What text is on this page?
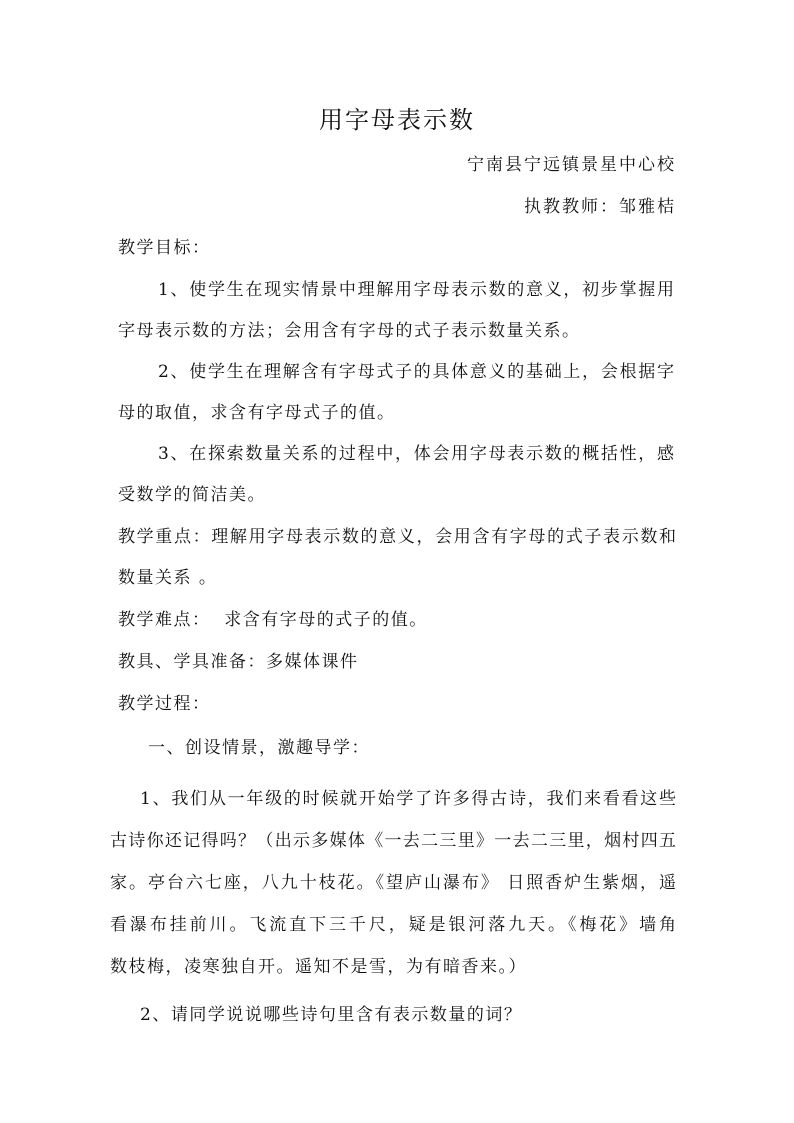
用字母表示数
宁南县宁远镇景星中心校
执教教师：邹雅桔
教学目标：
1、使学生在现实情景中理解用字母表示数的意义，初步掌握用
字母表示数的方法；会用含有字母的式子表示数量关系。
2、使学生在理解含有字母式子的具体意义的基础上，会根据字
母的取值，求含有字母式子的值。
3、在探索数量关系的过程中，体会用字母表示数的概括性，感
受数学的简洁美。
教学重点：理解用字母表示数的意义，会用含有字母的式子表示数和
数量关系 。
教学难点：  求含有字母的式子的值。
教具、学具准备：多媒体课件
教学过程：
一、创设情景，激趣导学：
1、我们从一年级的时候就开始学了许多得古诗，我们来看看这些
古诗你还记得吗？（出示多媒体《一去二三里》一去二三里，烟村四五
家。亭台六七座，八九十枝花。《望庐山瀑布》 日照香炉生紫烟，遥
看瀑布挂前川。飞流直下三千尺，疑是银河落九天。《梅花》墙角
数枝梅，凌寒独自开。遥知不是雪，为有暗香来。）
2、请同学说说哪些诗句里含有表示数量的词？
